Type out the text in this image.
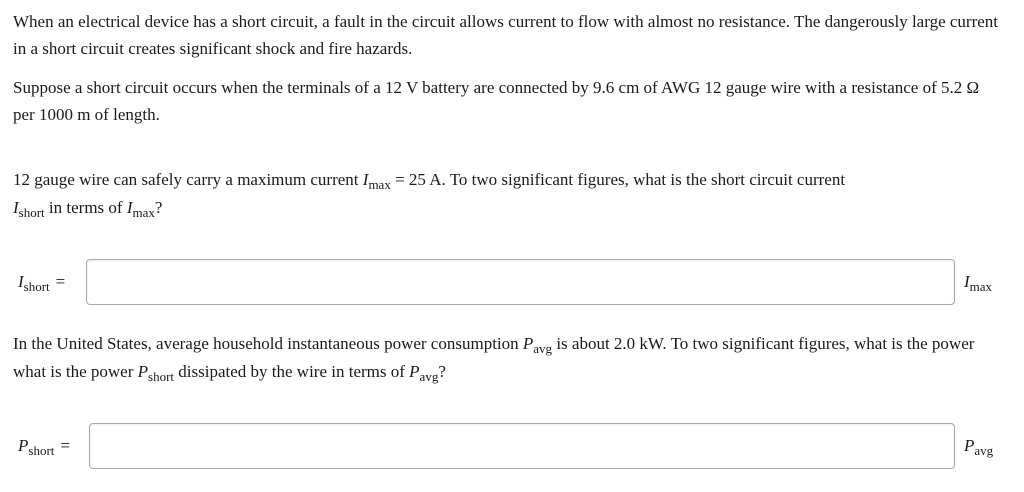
When an electrical device has a short circuit, a fault in the circuit allows current to flow with almost no resistance. The dangerously large current in a short circuit creates significant shock and fire hazards.

Suppose a short circuit occurs when the terminals of a 12 V battery are connected by 9.6 cm of AWG 12 gauge wire with a resistance of 5.2 Ω per 1000 m of length.

12 gauge wire can safely carry a maximum current $I_{max} = 25$ A. To two significant figures, what is the short circuit current
$I_{short}$ in terms of $I_{max}$?

$I_{short}$ =	$I_{max}$

In the United States, average household instantaneous power consumption $P_{avg}$ is about 2.0 kW. To two significant figures, what is the power
what is the power $P_{short}$ dissipated by the wire in terms of $P_{avg}$?

$P_{short}$ =	$P_{avg}$
